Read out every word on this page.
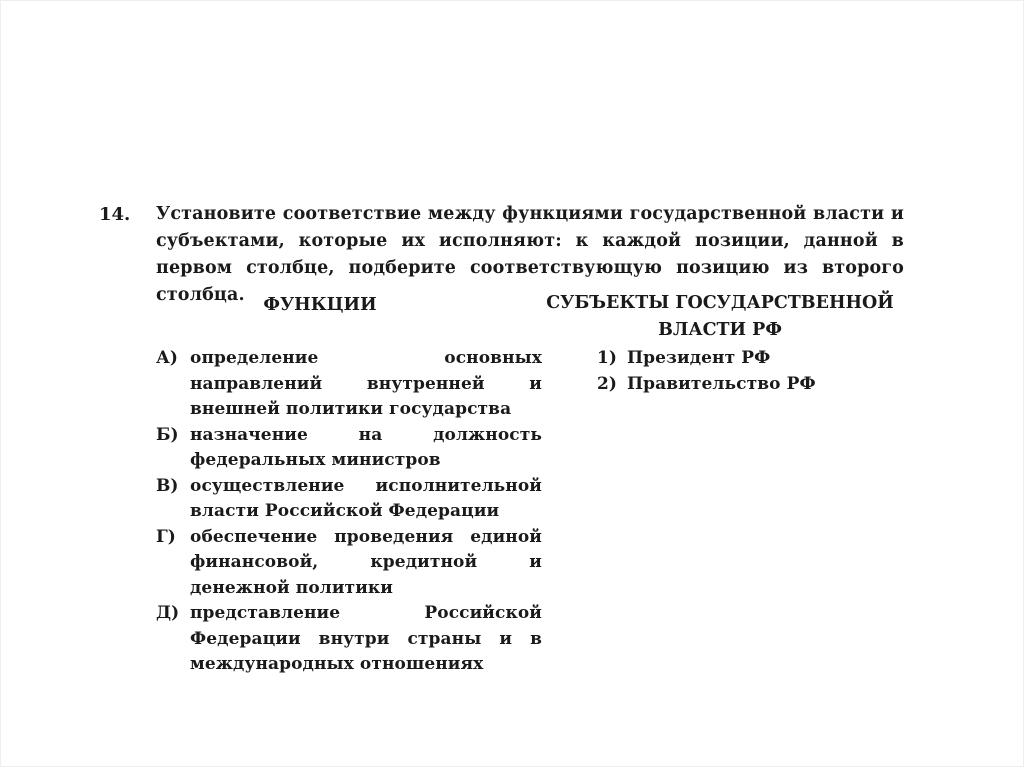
14. Установите соответствие между функциями государственной власти и субъектами, которые их исполняют: к каждой позиции, данной в первом столбце, подберите соответствующую позицию из второго столбца.	ФУНКЦИИ	СУБЪЕКТЫ ГОСУДАРСТВЕННОЙ ВЛАСТИ РФ
А) определение основных направлений внутренней и внешней политики государства
Б) назначение на должность федеральных министров
В) осуществление исполнительной власти Российской Федерации
Г) обеспечение проведения единой финансовой, кредитной и денежной политики
Д) представление Российской Федерации внутри страны и в международных отношениях
1) Президент РФ
2) Правительство РФ
